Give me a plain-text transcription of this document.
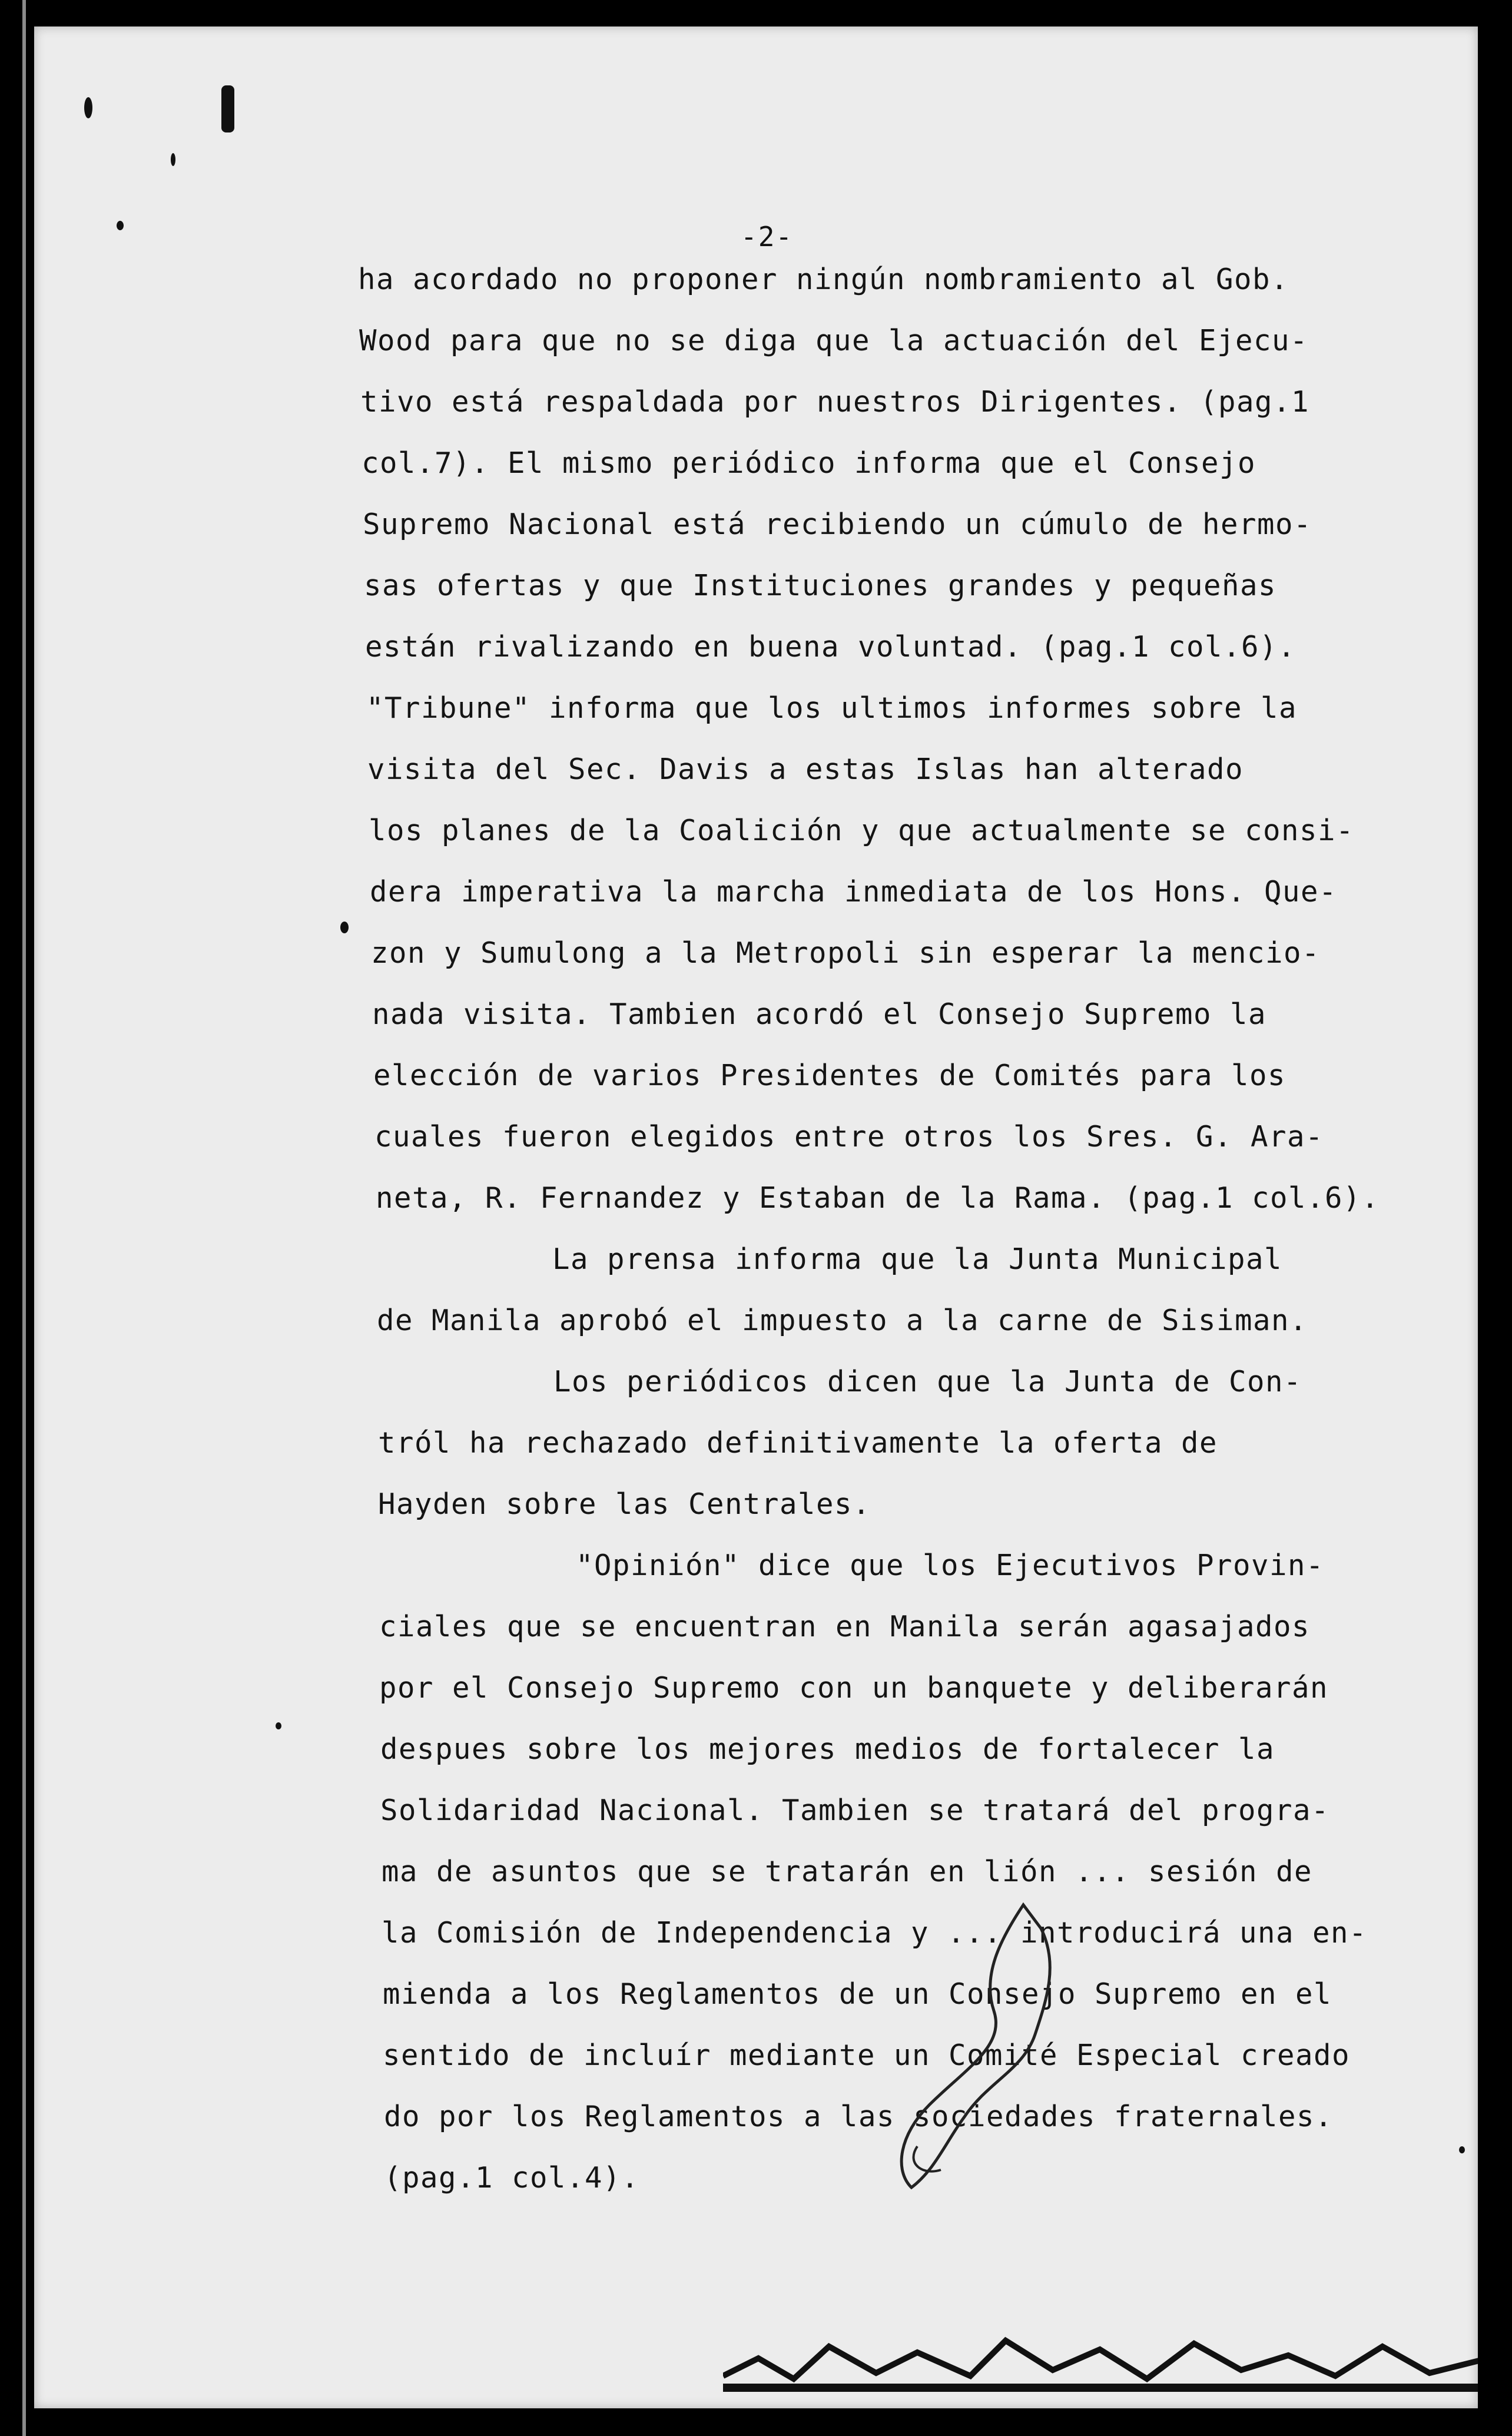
-2-
ha acordado no proponer ningún nombramiento al Gob.
Wood para que no se diga que la actuación del Ejecu-
tivo está respaldada por nuestros Dirigentes. (pag.1
col.7). El mismo periódico informa que el Consejo
Supremo Nacional está recibiendo un cúmulo de hermo-
sas ofertas y que Instituciones grandes y pequeñas
están rivalizando en buena voluntad. (pag.1 col.6).
"Tribune" informa que los ultimos informes sobre la
visita del Sec. Davis a estas Islas han alterado
los planes de la Coalición y que actualmente se consi-
dera imperativa la marcha inmediata de los Hons. Que-
zon y Sumulong a la Metropoli sin esperar la mencio-
nada visita. Tambien acordó el Consejo Supremo la
elección de varios Presidentes de Comités para los
cuales fueron elegidos entre otros los Sres. G. Ara-
neta, R. Fernandez y Estaban de la Rama. (pag.1 col.6).
La prensa informa que la Junta Municipal
de Manila aprobó el impuesto a la carne de Sisiman.
Los periódicos dicen que la Junta de Con-
tról ha rechazado definitivamente la oferta de
Hayden sobre las Centrales.
"Opinión" dice que los Ejecutivos Provin-
ciales que se encuentran en Manila serán agasajados
por el Consejo Supremo con un banquete y deliberarán
despues sobre los mejores medios de fortalecer la
Solidaridad Nacional. Tambien se tratará del progra-
ma de asuntos que se tratarán en lión ... sesión de
la Comisión de Independencia y ... introducirá una en-
mienda a los Reglamentos de un Consejo Supremo en el
sentido de incluír mediante un Comité Especial creado
do por los Reglamentos a las sociedades fraternales.
(pag.1 col.4).
